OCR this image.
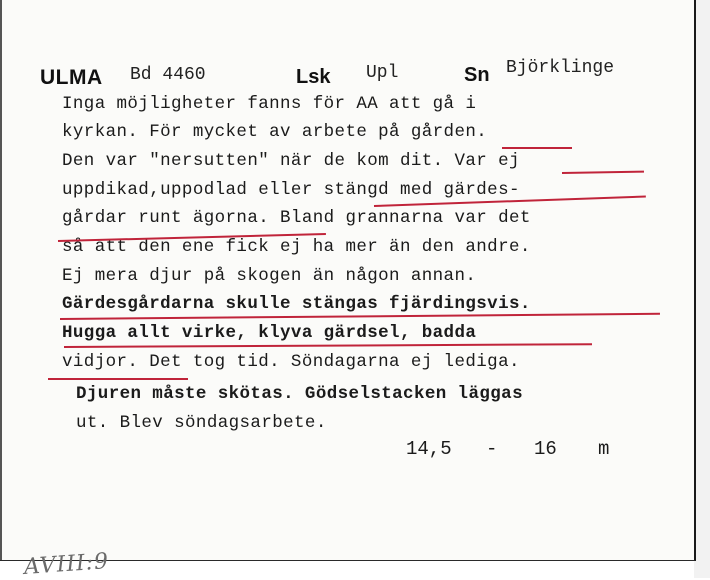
ULMA Bd 4460	Lsk Upl	Sn Björklinge
Inga möjligheter fanns för AA att gå i
kyrkan. För mycket av arbete på gården.
Den var "nersutten" när de kom dit. Var ej
uppdikad,uppodlad eller stängd med gärdes-
gårdar runt ägorna. Bland grannarna var det
så att den ene fick ej ha mer än den andre.
Ej mera djur på skogen än någon annan.
Gärdesgårdarna skulle stängas fjärdingsvis.
Hugga allt virke, klyva gärdsel, badda
vidjor. Det tog tid. Söndagarna ej lediga.
Djuren måste skötas. Gödselstacken läggas
ut. Blev söndagsarbete.
14,5 - 16 m
AVIII:9
